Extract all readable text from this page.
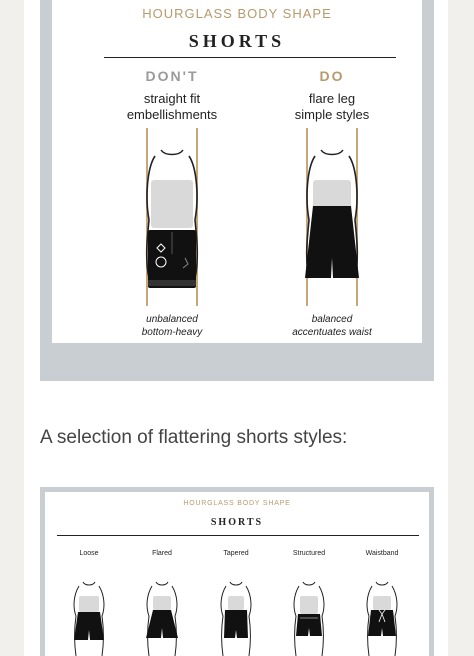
HOURGLASS BODY SHAPE
SHORTS
DON'T
straight fit
embellishments
unbalanced
bottom-heavy
DO
flare leg
simple styles
balanced
accentuates waist
A selection of flattering shorts styles:
HOURGLASS BODY SHAPE
SHORTS
Loose	Flared	Tapered	Structured	Waistband
